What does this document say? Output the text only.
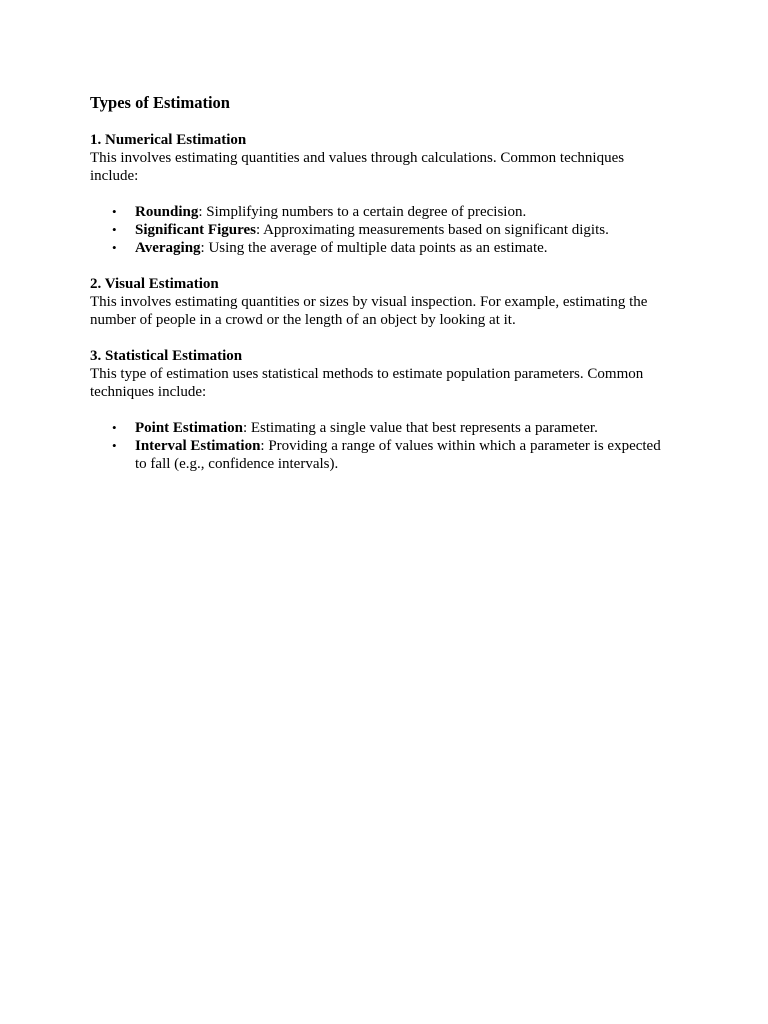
Types of Estimation

1. Numerical Estimation

This involves estimating quantities and values through calculations. Common techniques include:

• Rounding: Simplifying numbers to a certain degree of precision.
• Significant Figures: Approximating measurements based on significant digits.
• Averaging: Using the average of multiple data points as an estimate.

2. Visual Estimation

This involves estimating quantities or sizes by visual inspection. For example, estimating the number of people in a crowd or the length of an object by looking at it.

3. Statistical Estimation

This type of estimation uses statistical methods to estimate population parameters. Common techniques include:

• Point Estimation: Estimating a single value that best represents a parameter.
• Interval Estimation: Providing a range of values within which a parameter is expected to fall (e.g., confidence intervals).
